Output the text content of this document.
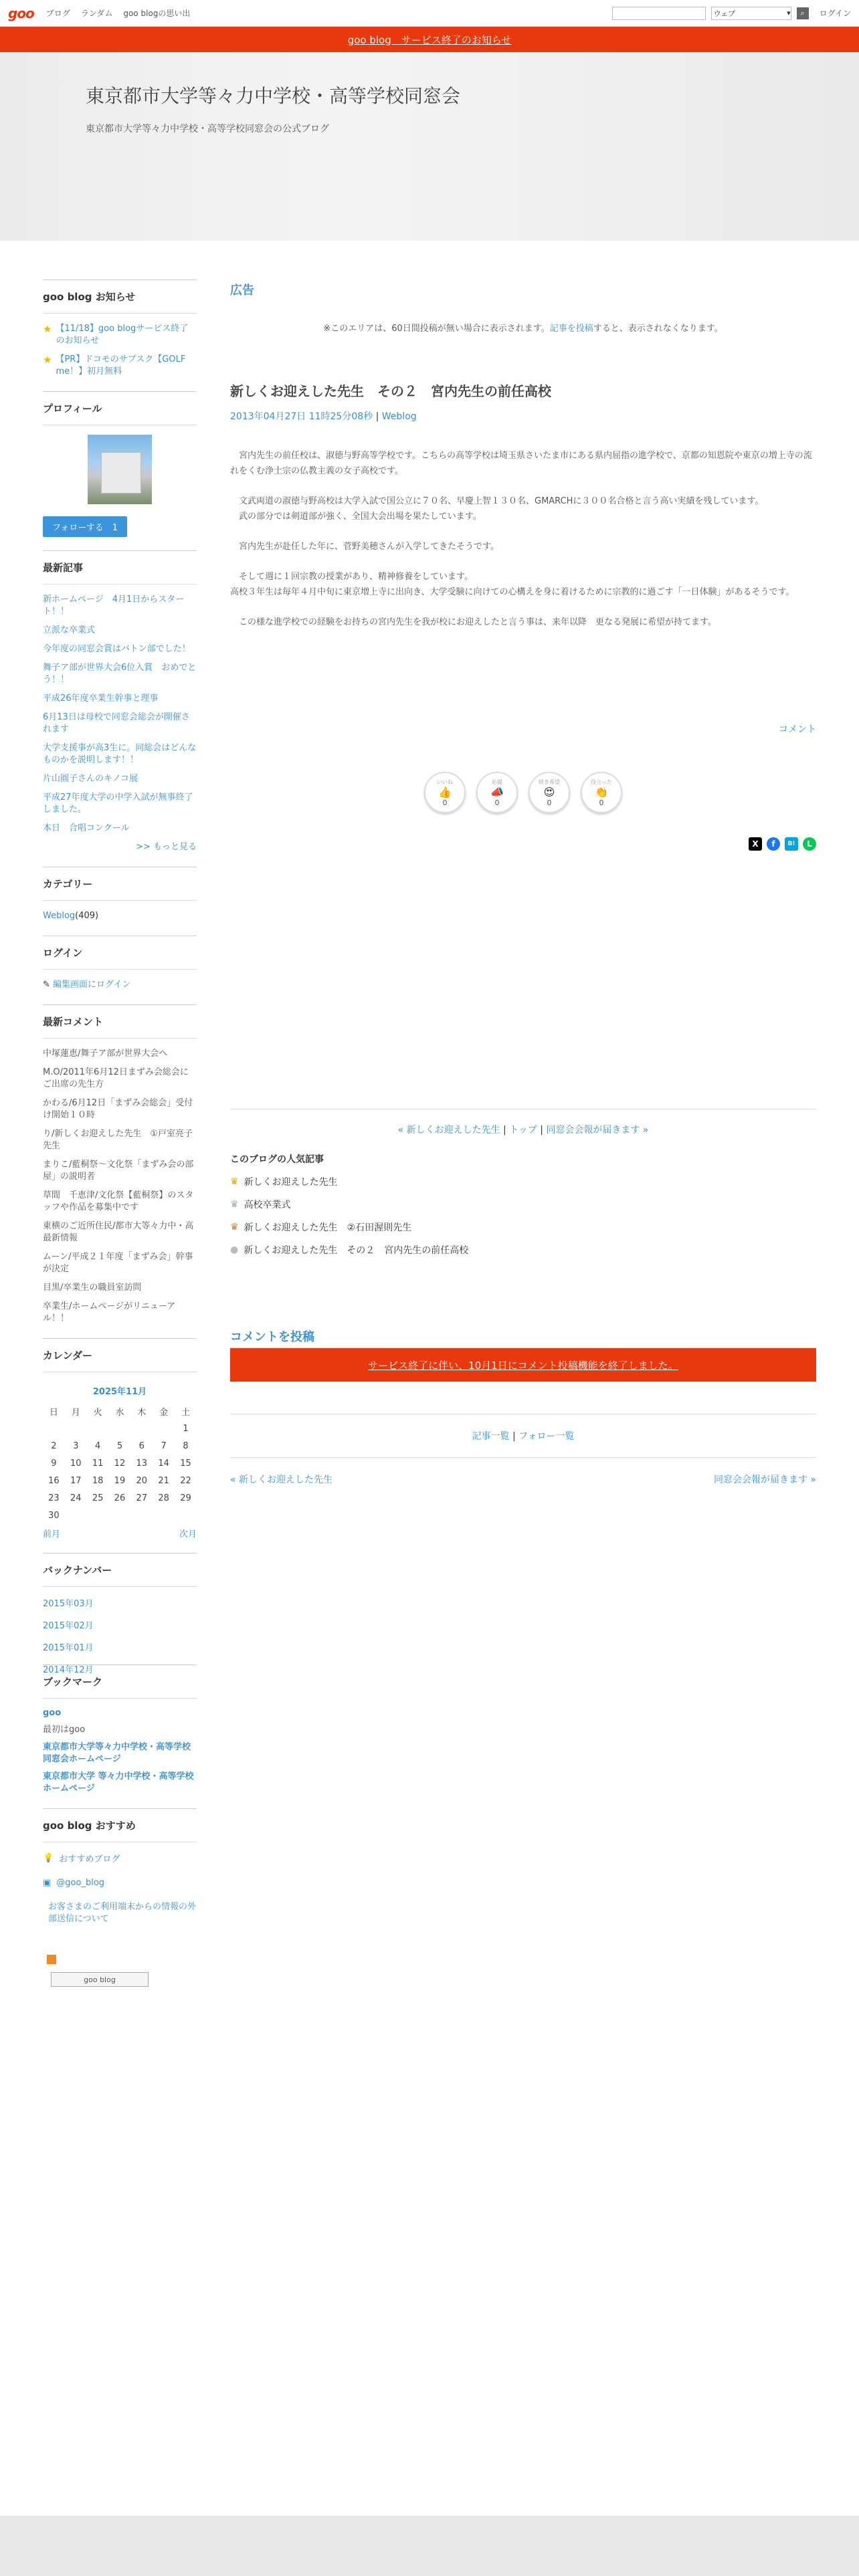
goo ブログ ランダム goo blogの思い出	ウェブ	▾ ⌕ ログイン
goo blog　サービス終了のお知らせ
東京都市大学等々力中学校・高等学校同窓会
東京都市大学等々力中学校・高等学校同窓会の公式ブログ
goo blog お知らせ
★ 【11/18】goo blogサービス終了のお知らせ
★ 【PR】ドコモのサブスク【GOLF me！】初月無料
プロフィール
フォローする　1
最新記事
新ホームページ　4月1日からスタート！！
立派な卒業式
今年度の同窓会賞はバトン部でした！
舞子ア部が世界大会6位入賞　おめでとう！！
平成26年度卒業生幹事と理事
6月13日は母校で同窓会総会が開催されます
大学支援事が高3生に。同総会はどんなものかを説明します！！
片山圓子さんのキノコ展
平成27年度大学の中学入試が無事終了しました。
本日　合唱コンクール
>> もっと見る
カテゴリー
Weblog(409)
ログイン
✎ 編集画面にログイン
最新コメント
中塚蓮恵/舞子ア部が世界大会へ
M.O/2011年6月12日まずみ会総会にご出席の先生方
かわる/6月12日「まずみ会総会」受付け開始１０時
り/新しくお迎えした先生　①戸室亮子先生
まりこ/藍桐祭～文化祭「まずみ会の部屋」の説明者
草間　千恵津/文化祭【藍桐祭】のスタッフや作品を募集中です
東横のご近所住民/都市大等々力中・高最新情報
ムーン/平成２１年度「まずみ会」幹事が決定
目黒/卒業生の職員室訪問
卒業生/ホームページがリニューアル！！
カレンダー
2025年11月
日	月	火	水	木	金	土
						1
2	3	4	5	6	7	8
9	10	11	12	13	14	15
16	17	18	19	20	21	22
23	24	25	26	27	28	29
30						
前月	次月
バックナンバー
2015年03月
2015年02月
2015年01月
2014年12月
ブックマーク
goo
最初はgoo
東京都市大学等々力中学校・高等学校同窓会ホームページ
東京都市大学 等々力中学校・高等学校ホームページ
goo blog おすすめ
💡 おすすめブログ
▣ @goo_blog
お客さまのご利用端末からの情報の外部送信について
goo blog
広告
※このエリアは、60日間投稿が無い場合に表示されます。記事を投稿すると、表示されなくなります。
新しくお迎えした先生　その２　宮内先生の前任高校
2013年04月27日 11時25分08秒 | Weblog

　宮内先生の前任校は、淑徳与野高等学校です。こちらの高等学校は埼玉県さいたま市にある県内屈指の進学校で、京都の知恩院や東京の増上寺の流れをくむ浄土宗の仏教主義の女子高校です。

　文武両道の淑徳与野高校は大学入試で国公立に７０名、早慶上智１３０名、GMARCHに３００名合格と言う高い実績を残しています。
　武の部分では剣道部が強く、全国大会出場を果たしています。

　宮内先生が赴任した年に、菅野美穂さんが入学してきたそうです。

　そして週に１回宗教の授業があり、精神修養をしています。
高校３年生は毎年４月中旬に東京増上寺に出向き、大学受験に向けての心構えを身に着けるために宗教的に過ごす「一日体験」があるそうです。

　この様な進学校での経験をお持ちの宮内先生を我が校にお迎えしたと言う事は、来年以降　更なる発展に希望が持てます。

コメント
いいね
👍
0
応援
📣
0
続き希望
😍
0
役立った
👏
0
X	f	B!	L
« 新しくお迎えした先生 | トップ | 同窓会会報が届きます »
このブログの人気記事
♛ 新しくお迎えした先生
♛ 高校卒業式
♛ 新しくお迎えした先生　②石田渥則先生
● 新しくお迎えした先生　その２　宮内先生の前任高校
コメントを投稿
サービス終了に伴い、10月1日にコメント投稿機能を終了しました。
記事一覧 | フォロー一覧
« 新しくお迎えした先生	同窓会会報が届きます »
